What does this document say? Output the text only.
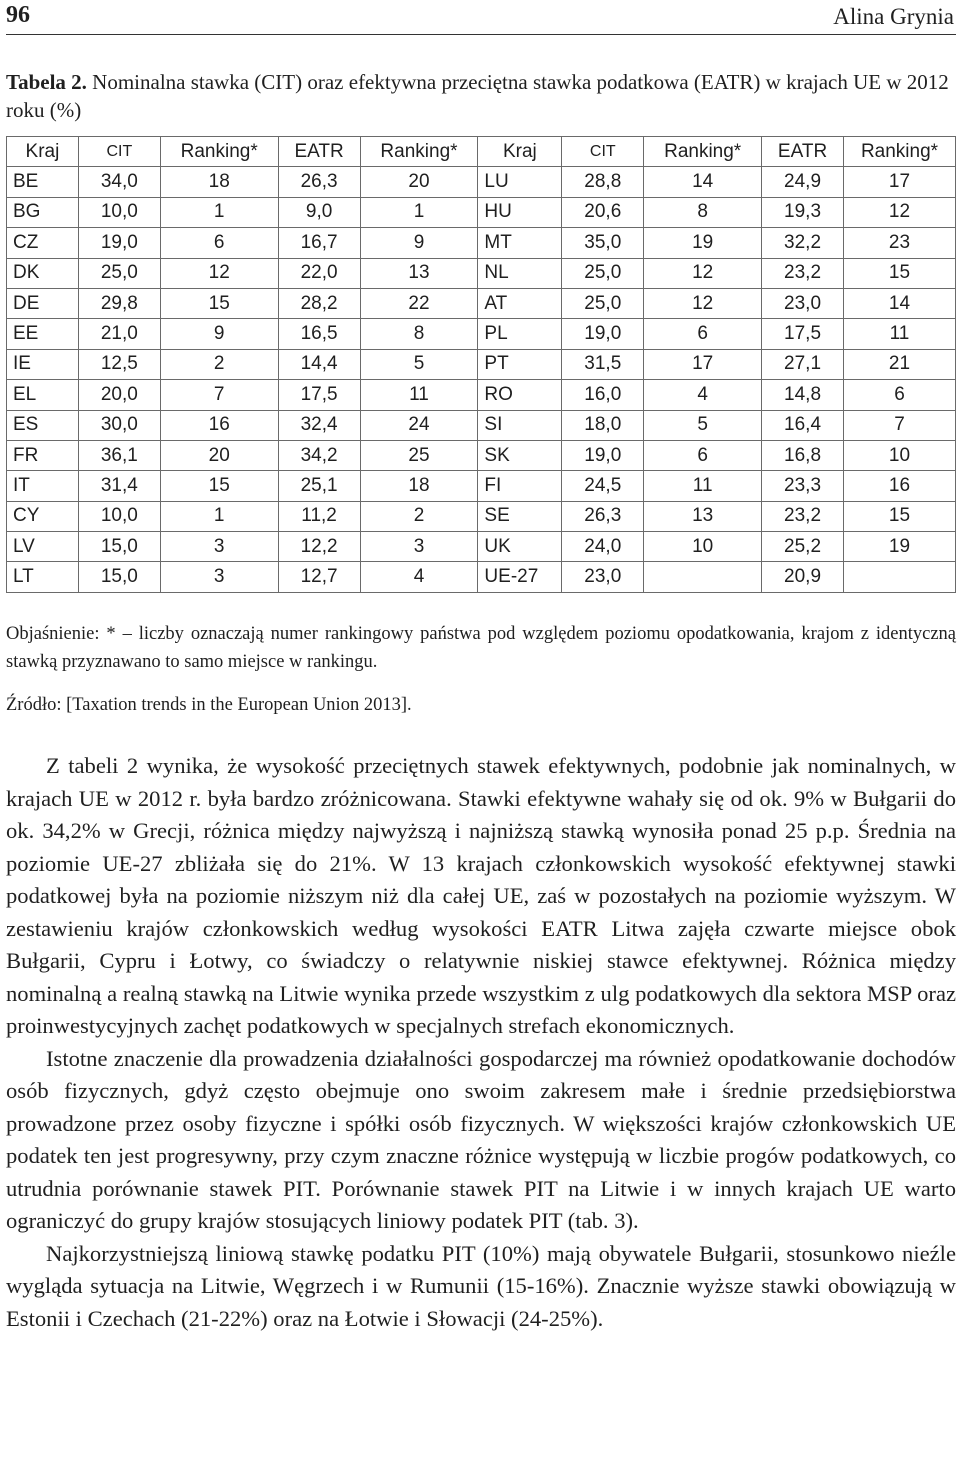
96	Alina Grynia
Tabela 2. Nominalna stawka (CIT) oraz efektywna przeciętna stawka podatkowa (EATR) w krajach UE w 2012 roku (%)
Kraj	CIT	Ranking*	EATR	Ranking*	Kraj	CIT	Ranking*	EATR	Ranking*
BE	34,0	18	26,3	20	LU	28,8	14	24,9	17
BG	10,0	1	9,0	1	HU	20,6	8	19,3	12
CZ	19,0	6	16,7	9	MT	35,0	19	32,2	23
DK	25,0	12	22,0	13	NL	25,0	12	23,2	15
DE	29,8	15	28,2	22	AT	25,0	12	23,0	14
EE	21,0	9	16,5	8	PL	19,0	6	17,5	11
IE	12,5	2	14,4	5	PT	31,5	17	27,1	21
EL	20,0	7	17,5	11	RO	16,0	4	14,8	6
ES	30,0	16	32,4	24	SI	18,0	5	16,4	7
FR	36,1	20	34,2	25	SK	19,0	6	16,8	10
IT	31,4	15	25,1	18	FI	24,5	11	23,3	16
CY	10,0	1	11,2	2	SE	26,3	13	23,2	15
LV	15,0	3	12,2	3	UK	24,0	10	25,2	19
LT	15,0	3	12,7	4	UE-27	23,0		20,9	
Objaśnienie: * – liczby oznaczają numer rankingowy państwa pod względem poziomu opodatkowania, krajom z identyczną stawką przyznawano to samo miejsce w rankingu.
Źródło: [Taxation trends in the European Union 2013].

Z tabeli 2 wynika, że wysokość przeciętnych stawek efektywnych, podobnie jak nominalnych, w krajach UE w 2012 r. była bardzo zróżnicowana. Stawki efektywne wahały się od ok. 9% w Bułgarii do ok. 34,2% w Grecji, różnica między najwyższą i najniższą stawką wynosiła ponad 25 p.p. Średnia na poziomie UE-27 zbliżała się do 21%. W 13 krajach członkowskich wysokość efektywnej stawki podatkowej była na poziomie niższym niż dla całej UE, zaś w pozostałych na poziomie wyższym. W zestawieniu krajów członkowskich według wysokości EATR Litwa zajęła czwarte miejsce obok Bułgarii, Cypru i Łotwy, co świadczy o relatywnie niskiej stawce efektywnej. Różnica między nominalną a realną stawką na Litwie wynika przede wszystkim z ulg podatkowych dla sektora MSP oraz proinwestycyjnych zachęt podatkowych w specjalnych strefach ekonomicznych.

Istotne znaczenie dla prowadzenia działalności gospodarczej ma również opodatkowanie dochodów osób fizycznych, gdyż często obejmuje ono swoim zakresem małe i średnie przedsiębiorstwa prowadzone przez osoby fizyczne i spółki osób fizycznych. W większości krajów członkowskich UE podatek ten jest progresywny, przy czym znaczne różnice występują w liczbie progów podatkowych, co utrudnia porównanie stawek PIT. Porównanie stawek PIT na Litwie i w innych krajach UE warto ograniczyć do grupy krajów stosujących liniowy podatek PIT (tab. 3).

Najkorzystniejszą liniową stawkę podatku PIT (10%) mają obywatele Bułgarii, stosunkowo nieźle wygląda sytuacja na Litwie, Węgrzech i w Rumunii (15-16%). Znacznie wyższe stawki obowiązują w Estonii i Czechach (21-22%) oraz na Łotwie i Słowacji (24-25%).
